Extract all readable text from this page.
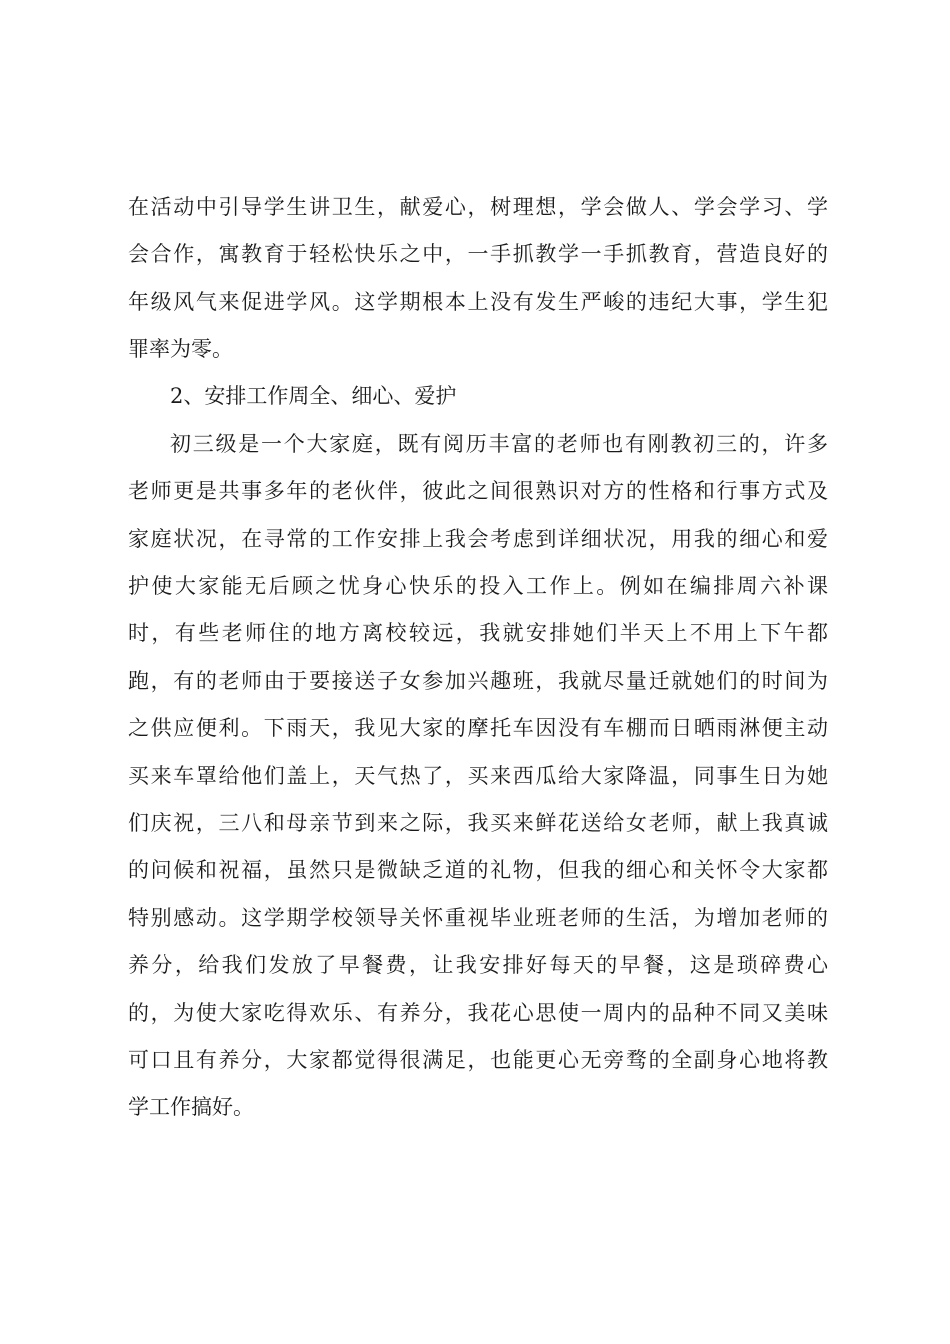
在活动中引导学生讲卫生，献爱心，树理想，学会做人、学会学习、学
会合作，寓教育于轻松快乐之中，一手抓教学一手抓教育，营造良好的
年级风气来促进学风。这学期根本上没有发生严峻的违纪大事，学生犯
罪率为零。
2、安排工作周全、细心、爱护
初三级是一个大家庭，既有阅历丰富的老师也有刚教初三的，许多
老师更是共事多年的老伙伴，彼此之间很熟识对方的性格和行事方式及
家庭状况，在寻常的工作安排上我会考虑到详细状况，用我的细心和爱
护使大家能无后顾之忧身心快乐的投入工作上。例如在编排周六补课
时，有些老师住的地方离校较远，我就安排她们半天上不用上下午都
跑，有的老师由于要接送子女参加兴趣班，我就尽量迁就她们的时间为
之供应便利。下雨天，我见大家的摩托车因没有车棚而日晒雨淋便主动
买来车罩给他们盖上，天气热了，买来西瓜给大家降温，同事生日为她
们庆祝，三八和母亲节到来之际，我买来鲜花送给女老师，献上我真诚
的问候和祝福，虽然只是微缺乏道的礼物，但我的细心和关怀令大家都
特别感动。这学期学校领导关怀重视毕业班老师的生活，为增加老师的
养分，给我们发放了早餐费，让我安排好每天的早餐，这是琐碎费心
的，为使大家吃得欢乐、有养分，我花心思使一周内的品种不同又美味
可口且有养分，大家都觉得很满足，也能更心无旁骛的全副身心地将教
学工作搞好。
